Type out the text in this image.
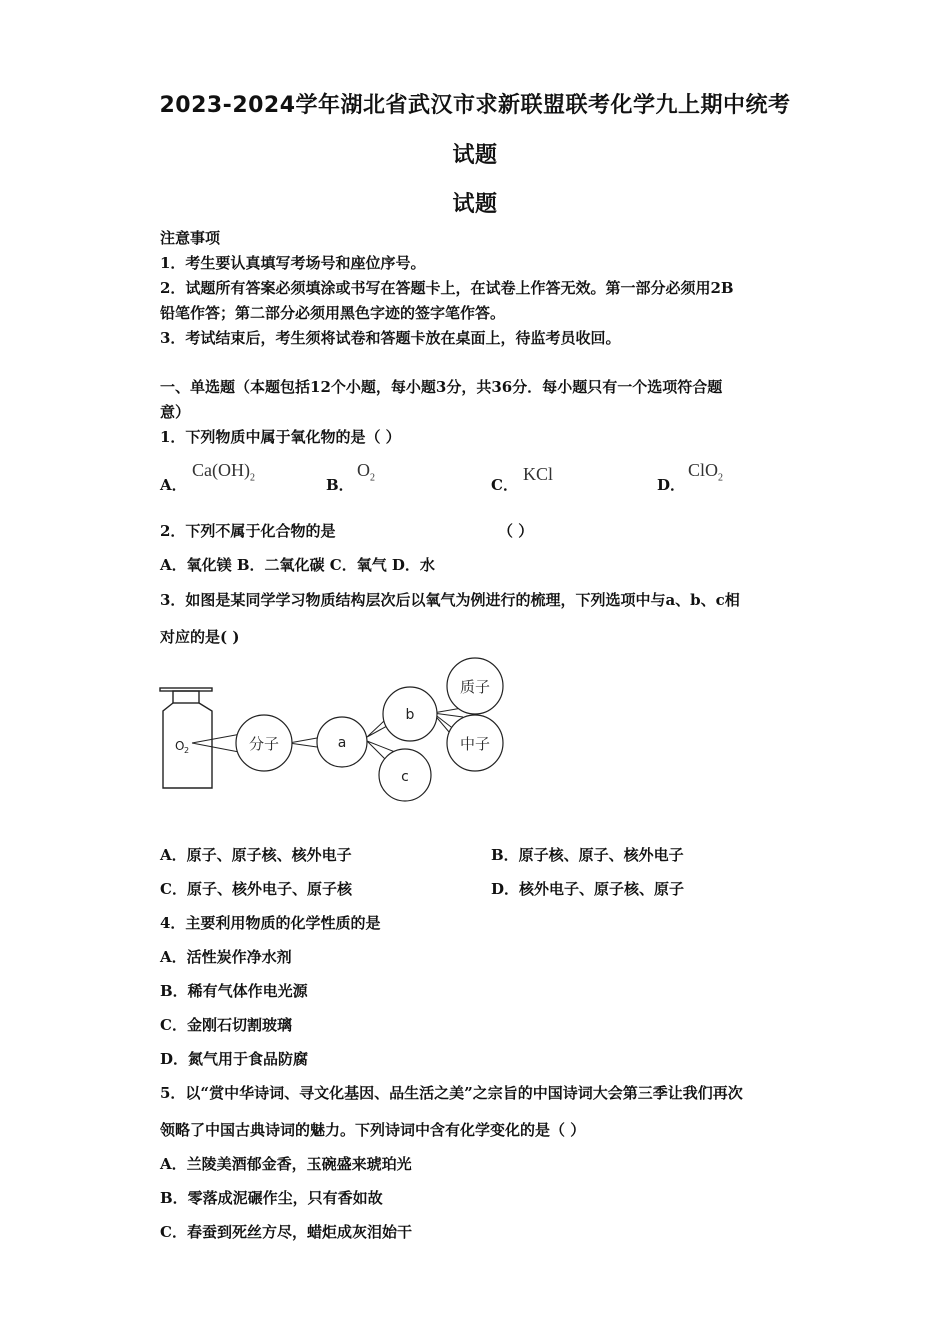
2023-2024学年湖北省武汉市求新联盟联考化学九上期中统考
试题
试题
注意事项
1．考生要认真填写考场号和座位序号。
2．试题所有答案必须填涂或书写在答题卡上，在试卷上作答无效。第一部分必须用2B
铅笔作答；第二部分必须用黑色字迹的签字笔作答。
3．考试结束后，考生须将试卷和答题卡放在桌面上，待监考员收回。
一、单选题（本题包括12个小题，每小题3分，共36分．每小题只有一个选项符合题
意）
1．下列物质中属于氧化物的是（ ）
A．
$Ca(OH)_2$	B．
$O_2$	C．
KCl
D．
ClO$_2$
2．下列不属于化合物的是	（ ）
A．氧化镁 B．二氧化碳 C．氧气 D．水
3．如图是某同学学习物质结构层次后以氧气为例进行的梳理，下列选项中与a、b、c相
对应的是( )
O 2	分子	a
b
c
质子
中子
A．原子、原子核、核外电子	B．原子核、原子、核外电子
C．原子、核外电子、原子核	D．核外电子、原子核、原子
4．主要利用物质的化学性质的是
A．活性炭作净水剂
B．稀有气体作电光源
C．金刚石切割玻璃
D．氮气用于食品防腐
5．以“赏中华诗词、寻文化基因、品生活之美”之宗旨的中国诗词大会第三季让我们再次
领略了中国古典诗词的魅力。下列诗词中含有化学变化的是（ ）
A．兰陵美酒郁金香，玉碗盛来琥珀光
B．零落成泥碾作尘，只有香如故
C．春蚕到死丝方尽，蜡炬成灰泪始干
